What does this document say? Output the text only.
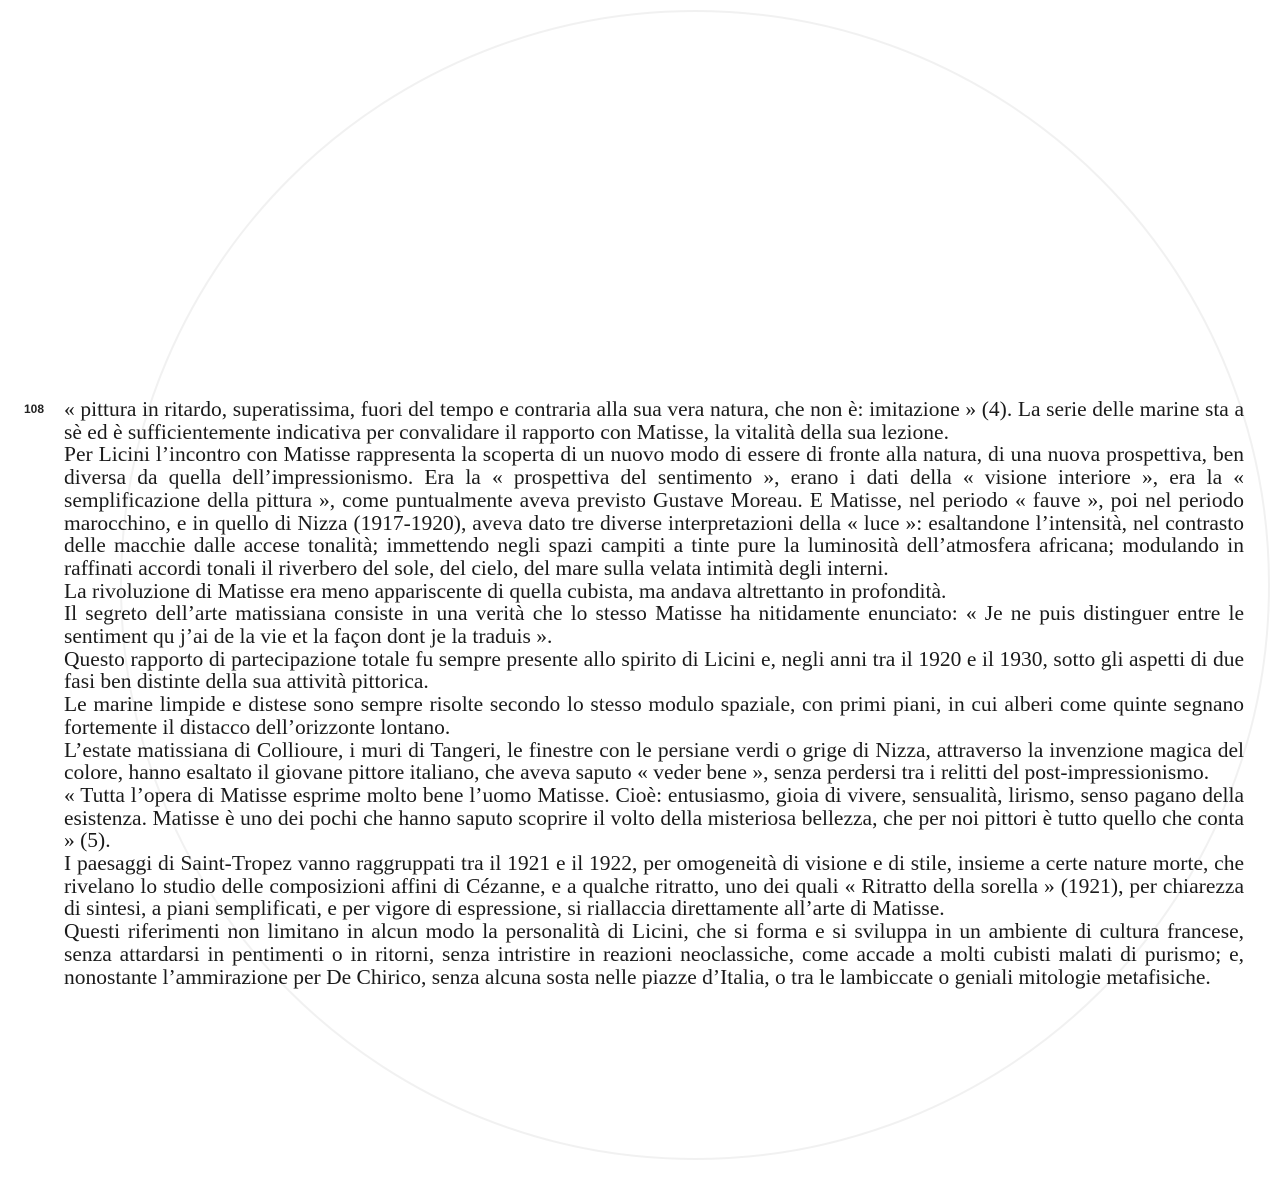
108 « pittura in ritardo, superatissima, fuori del tempo e contraria alla sua vera natura, che non è: imitazione » (4). La serie delle marine sta a sè ed è sufficientemente indicativa per convalidare il rapporto con Matisse, la vitalità della sua lezione.

Per Licini l’incontro con Matisse rappresenta la scoperta di un nuovo modo di essere di fronte alla natura, di una nuova prospettiva, ben diversa da quella dell’impressionismo. Era la « prospettiva del sentimento », erano i dati della « visione interiore », era la « semplificazione della pittura », come puntualmente aveva previsto Gustave Moreau. E Matisse, nel periodo « fauve », poi nel periodo marocchino, e in quello di Nizza (1917-1920), aveva dato tre diverse interpretazioni della « luce »: esaltandone l’intensità, nel contrasto delle macchie dalle accese tonalità; immettendo negli spazi campiti a tinte pure la luminosità dell’atmosfera africana; modulando in raffinati accordi tonali il riverbero del sole, del cielo, del mare sulla velata intimità degli interni.

La rivoluzione di Matisse era meno appariscente di quella cubista, ma andava altrettanto in profondità.

Il segreto dell’arte matissiana consiste in una verità che lo stesso Matisse ha nitidamente enunciato: « Je ne puis distinguer entre le sentiment qu j’ai de la vie et la façon dont je la traduis ».

Questo rapporto di partecipazione totale fu sempre presente allo spirito di Licini e, negli anni tra il 1920 e il 1930, sotto gli aspetti di due fasi ben distinte della sua attività pittorica.

Le marine limpide e distese sono sempre risolte secondo lo stesso modulo spaziale, con primi piani, in cui alberi come quinte segnano fortemente il distacco dell’orizzonte lontano.

L’estate matissiana di Collioure, i muri di Tangeri, le finestre con le persiane verdi o grige di Nizza, attraverso la invenzione magica del colore, hanno esaltato il giovane pittore italiano, che aveva saputo « veder bene », senza perdersi tra i relitti del post-impressionismo.

« Tutta l’opera di Matisse esprime molto bene l’uomo Matisse. Cioè: entusiasmo, gioia di vivere, sensualità, lirismo, senso pagano della esistenza. Matisse è uno dei pochi che hanno saputo scoprire il volto della misteriosa bellezza, che per noi pittori è tutto quello che conta » (5).

I paesaggi di Saint-Tropez vanno raggruppati tra il 1921 e il 1922, per omogeneità di visione e di stile, insieme a certe nature morte, che rivelano lo studio delle composizioni affini di Cézanne, e a qualche ritratto, uno dei quali « Ritratto della sorella » (1921), per chiarezza di sintesi, a piani semplificati, e per vigore di espressione, si riallaccia direttamente all’arte di Matisse.

Questi riferimenti non limitano in alcun modo la personalità di Licini, che si forma e si sviluppa in un ambiente di cultura francese, senza attardarsi in pentimenti o in ritorni, senza intristire in reazioni neoclassiche, come accade a molti cubisti malati di purismo; e, nonostante l’ammirazione per De Chirico, senza alcuna sosta nelle piazze d’Italia, o tra le lambiccate o geniali mitologie metafisiche.
